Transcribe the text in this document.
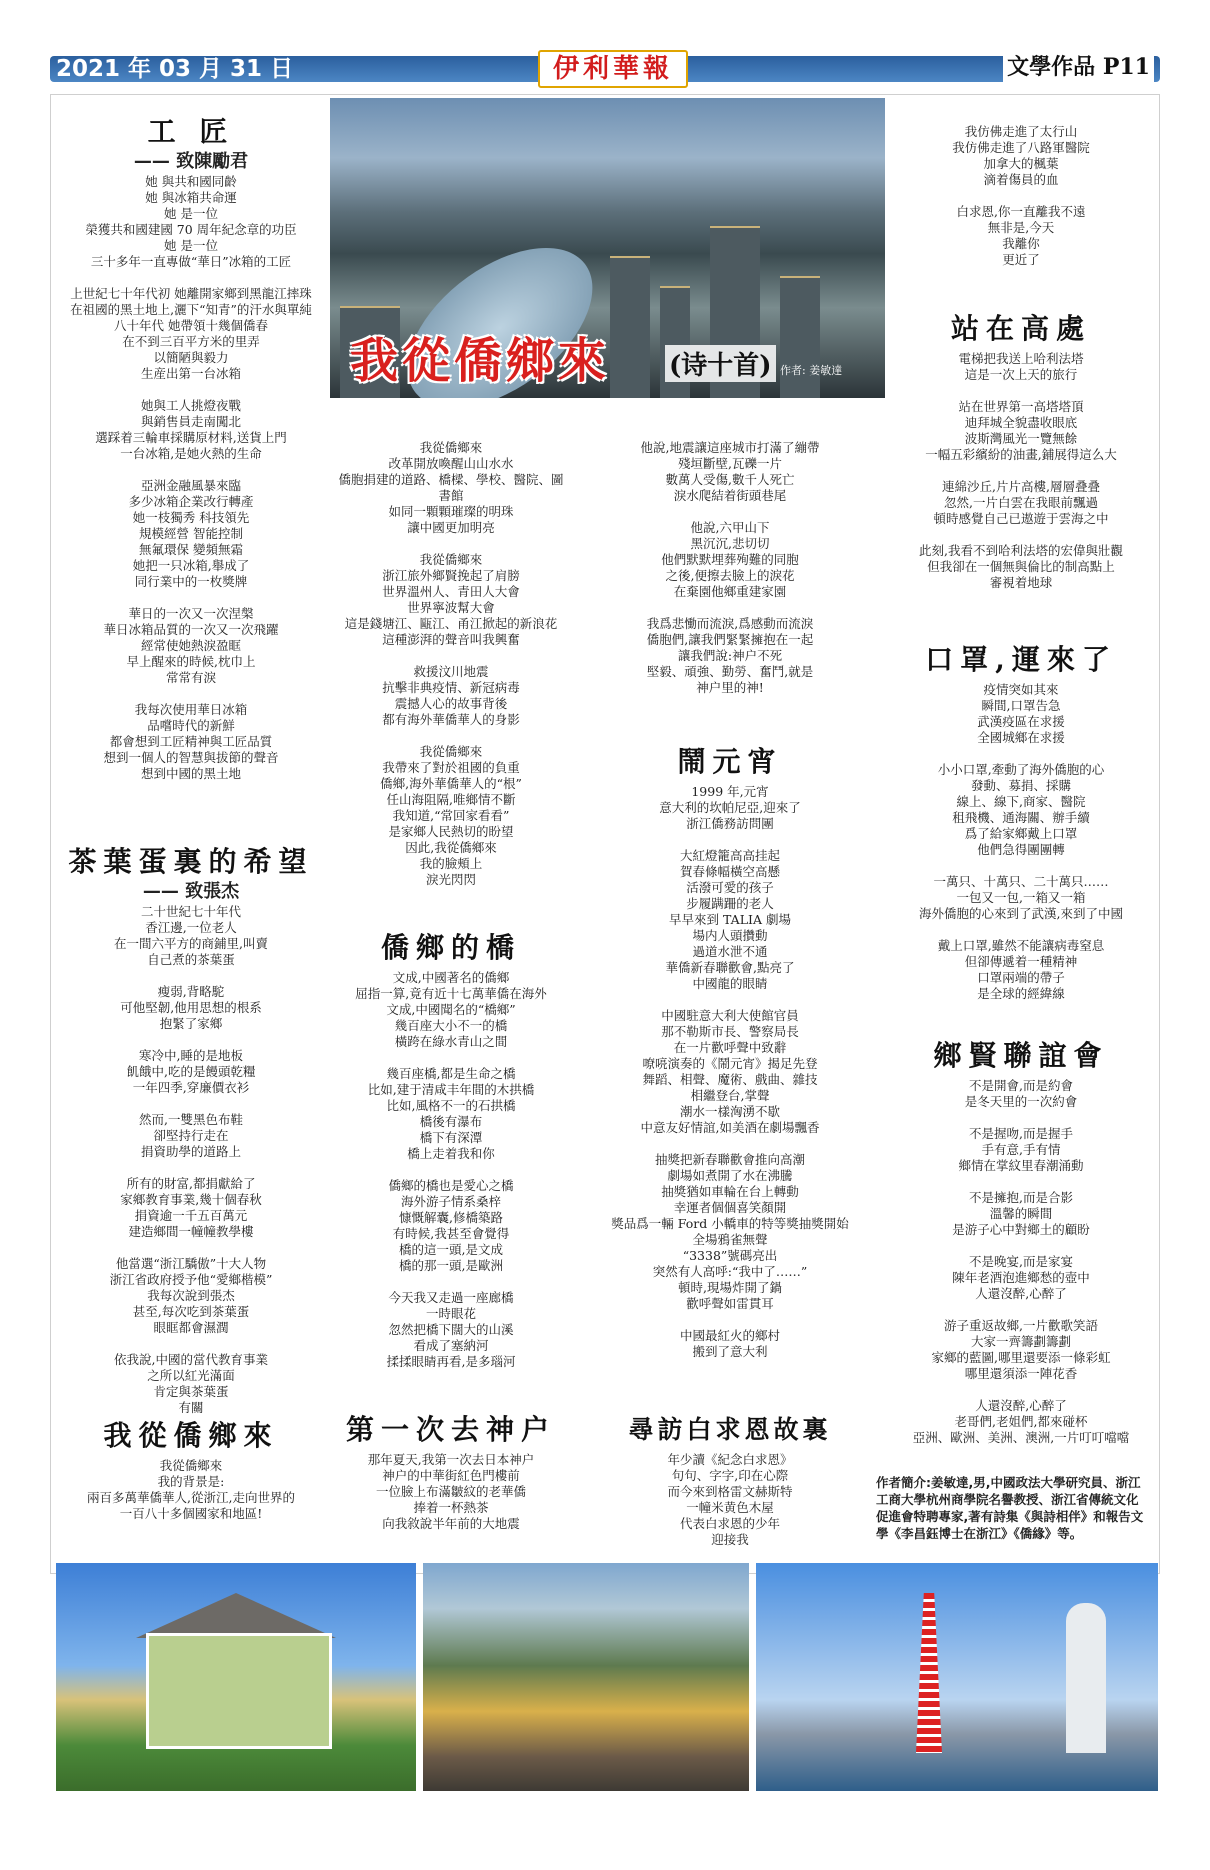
2021 年 03 月 31 日	伊利華報	文學作品 P11
我從僑鄉來 (诗十首) 作者: 姜敏達
工 匠
—— 致陳勵君

她 與共和國同齡

她 與冰箱共命運

她 是一位

榮獲共和國建國 70 周年紀念章的功臣

她 是一位

三十多年一直專做“華日”冰箱的工匠

上世紀七十年代初 她離開家鄉到黑龍江摔珠

在祖國的黑土地上,灑下“知青”的汗水與單純

八十年代 她帶領十幾個僑春

在不到三百平方米的里弄

以簡陋與毅力

生産出第一台冰箱

她與工人挑燈夜戰

與銷售員走南闖北

選踩着三輪車採購原材料,送貨上門

一台冰箱,是她火熱的生命

亞洲金融風暴來臨

多少冰箱企業改行轉產

她一枝獨秀 科技領先

規模經營 智能控制

無氟環保 變頻無霜

她把一只冰箱,舉成了

同行業中的一枚獎牌

華日的一次又一次涅槃

華日冰箱品質的一次又一次飛躍

經常使她熱淚盈眶

早上醒來的時候,枕巾上

常常有淚

我每次使用華日冰箱

品嚐時代的新鮮

都會想到工匠精神與工匠品質

想到一個人的智慧與拔節的聲音

想到中國的黑土地

茶葉蛋裏的希望
—— 致張杰

二十世紀七十年代

香江邊,一位老人

在一間六平方的商鋪里,叫賣

自己煮的茶葉蛋

瘦弱,背略駝

可他堅韌,他用思想的根系

抱緊了家鄉

寒冷中,睡的是地板

飢餓中,吃的是饅頭乾糧

一年四季,穿廉價衣衫

然而,一雙黑色布鞋

卻堅持行走在

捐資助學的道路上

所有的財富,都捐獻給了

家鄉教育事業,幾十個春秋

捐資逾一千五百萬元

建造鄉間一幢幢教學樓

他當選“浙江驕傲”十大人物

浙江省政府授予他“愛鄉楷模”

我每次說到張杰

甚至,每次吃到茶葉蛋

眼眶都會濕潤

依我說,中國的當代教育事業

之所以紅光滿面

肯定與茶葉蛋

有關

我從僑鄉來

我從僑鄉來

我的背景是:

兩百多萬華僑華人,從浙江,走向世界的

一百八十多個國家和地區!

我從僑鄉來

改革開放喚醒山山水水

僑胞捐建的道路、橋樑、學校、醫院、圖書館

如同一顆顆璀璨的明珠

讓中國更加明亮

我從僑鄉來

浙江旅外鄉賢挽起了肩膀

世界溫州人、青田人大會

世界寧波幫大會

這是錢塘江、甌江、甬江掀起的新浪花

這種澎湃的聲音叫我興奮

救援汶川地震

抗擊非典疫情、新冠病毒

震撼人心的故事背後

都有海外華僑華人的身影

我從僑鄉來

我帶來了對於祖國的負重

僑鄉,海外華僑華人的“根”

任山海阻隔,唯鄉情不斷

我知道,“常回家看看”

是家鄉人民熱切的盼望

因此,我從僑鄉來

我的臉頰上

淚光閃閃

僑鄉的橋

文成,中國著名的僑鄉

屈指一算,竟有近十七萬華僑在海外

文成,中國聞名的“橋鄉”

幾百座大小不一的橋

橫跨在綠水青山之間

幾百座橋,都是生命之橋

比如,建于清咸丰年間的木拱橋

比如,風格不一的石拱橋

橋後有瀑布

橋下有深潭

橋上走着我和你

僑鄉的橋也是愛心之橋

海外游子情系桑梓

慷慨解囊,修橋築路

有時候,我甚至會覺得

橋的這一頭,是文成

橋的那一頭,是歐洲

今天我又走過一座廊橋

一時眼花

忽然把橋下闊大的山溪

看成了塞納河

揉揉眼睛再看,是多瑙河

第一次去神户

那年夏天,我第一次去日本神户

神户的中華街紅色門樓前

一位臉上布滿皺紋的老華僑

捧着一杯熱茶

向我敘說半年前的大地震

他說,地震讓這座城市打滿了繃帶

殘垣斷壁,瓦礫一片

數萬人受傷,數千人死亡

淚水爬結着街頭巷尾

他說,六甲山下

黑沉沉,悲切切

他們默默埋葬殉難的同胞

之後,便擦去臉上的淚花

在棄園他鄉重建家園

我爲悲慟而流淚,爲感動而流淚

僑胞們,讓我們緊緊擁抱在一起

讓我們說:神户不死

堅毅、頑強、勤勞、奮鬥,就是

神户里的神!

鬧元宵

1999 年,元宵

意大利的坎帕尼亞,迎來了

浙江僑務訪問團

大紅燈籠高高挂起

賀春條幅橫空高懸

活潑可愛的孩子

步履蹒跚的老人

早早來到 TALIA 劇場

場内人頭攢動

過道水泄不通

華僑新春聯歡會,點亮了

中國龍的眼睛

中國駐意大利大使館官員

那不勒斯市長、警察局長

在一片歡呼聲中致辭

嘹喨演奏的《鬧元宵》揭足先登

舞蹈、相聲、魔術、戲曲、雜技

相繼登台,掌聲

潮水一樣洶湧不歇

中意友好情誼,如美酒在劇場飄香

抽獎把新春聯歡會推向高潮

劇場如煮開了水在沸騰

抽獎猶如車輪在台上轉動

幸運者個個喜笑顏開

獎品爲一輛 Ford 小轎車的特等獎抽獎開始

全場鴉雀無聲

“3338”號碼亮出

突然有人高呼:“我中了……”

頓時,現場炸開了鍋

歡呼聲如雷貫耳

中國最紅火的鄉村

搬到了意大利

尋訪白求恩故裏

年少讀《紀念白求恩》

句句、字字,印在心際

而今來到格雷文赫斯特

一幢米黄色木屋

代表白求恩的少年

迎接我

我仿佛走進了太行山

我仿佛走進了八路軍醫院

加拿大的楓葉

滴着傷員的血

白求恩,你一直離我不遠

無非是,今天

我離你

更近了

站在高處

電梯把我送上哈利法塔

這是一次上天的旅行

站在世界第一高塔塔頂

迪拜城全貌盡收眼底

波斯灣風光一覽無餘

一幅五彩繽紛的油畫,鋪展得這么大

連綿沙丘,片片高樓,層層叠叠

忽然,一片白雲在我眼前飄過

頓時感覺自己已遨遊于雲海之中

此刻,我看不到哈利法塔的宏偉與壯觀

但我卻在一個無與倫比的制高點上

審視着地球

口罩,運來了

疫情突如其來

瞬間,口罩告急

武漢疫區在求援

全國城鄉在求援

小小口罩,牽動了海外僑胞的心

發動、募捐、採購

線上、線下,商家、醫院

租飛機、通海關、辦手續

爲了給家鄉戴上口罩

他們急得團團轉

一萬只、十萬只、二十萬只……

一包又一包,一箱又一箱

海外僑胞的心來到了武漢,來到了中國

戴上口罩,雖然不能讓病毒窒息

但卻傳遞着一種精神

口罩兩端的帶子

是全球的經緯線

鄉賢聯誼會

不是開會,而是約會

是冬天里的一次約會

不是握吻,而是握手

手有意,手有情

鄉情在掌紋里春潮涌動

不是擁抱,而是合影

溫馨的瞬間

是游子心中對鄉土的顧盼

不是晚宴,而是家宴

陳年老酒泡進鄉愁的壺中

人還沒醉,心醉了

游子重返故鄉,一片歡歌笑語

大家一齊籌劃籌劃

家鄉的藍圖,哪里還要添一條彩虹

哪里還須添一陣花香

人還沒醉,心醉了

老哥們,老姐們,都來碰杯

亞洲、歐洲、美洲、澳洲,一片叮叮噹噹

作者簡介:姜敏達,男,中國政法大學研究員、浙江工商大學杭州商學院名譽教授、浙江省傳統文化促進會特聘專家,著有詩集《與詩相伴》和報告文學《李昌鈺博士在浙江》《僑緣》等。
